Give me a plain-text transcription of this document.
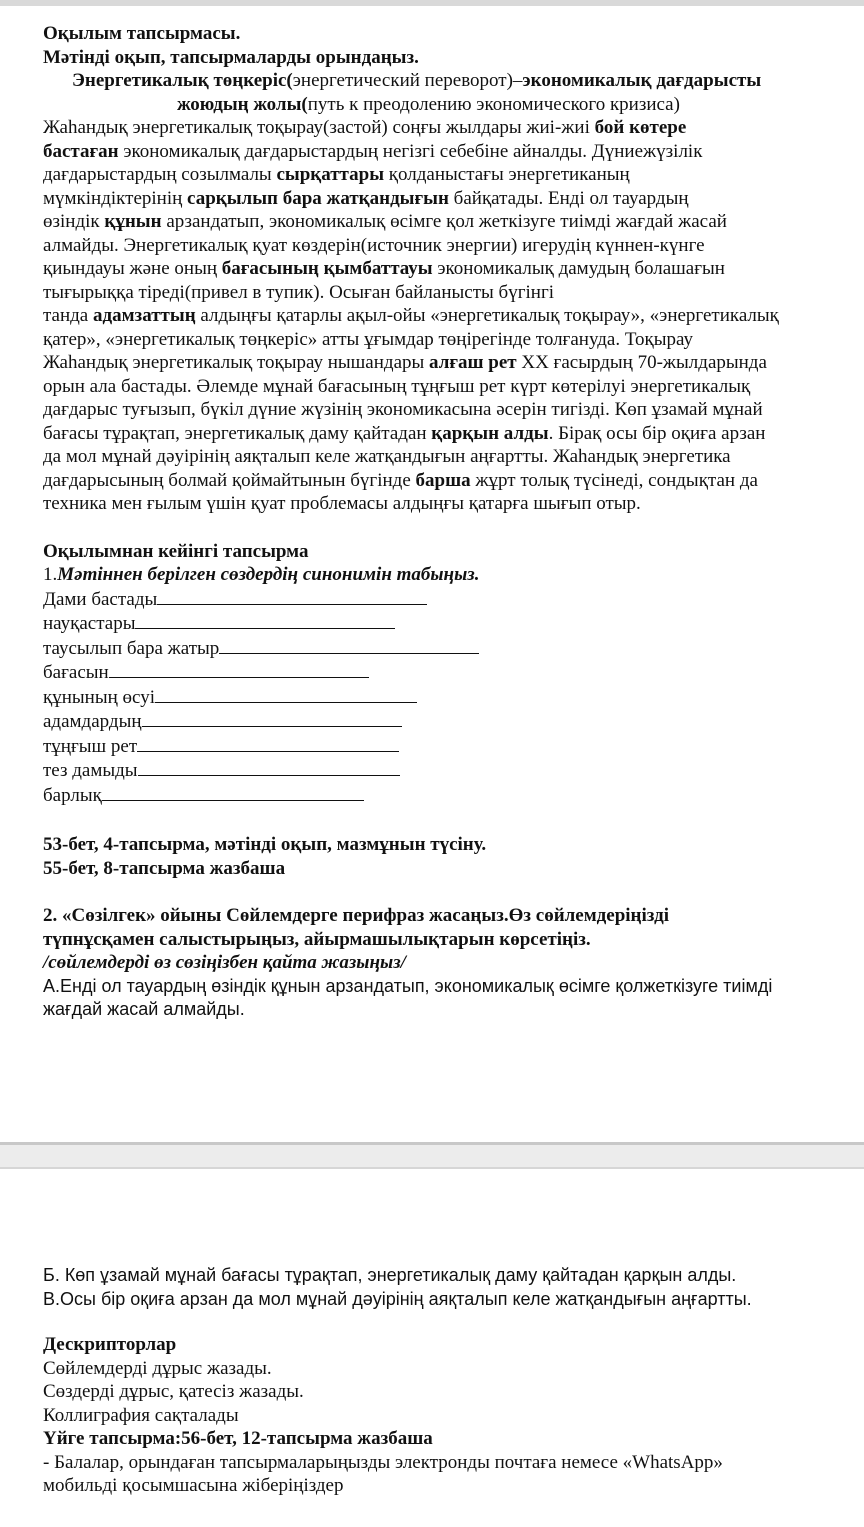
Оқылым тапсырмасы.
Мәтінді оқып, тапсырмаларды орындаңыз.
Энергетикалық төңкеріс(энергетический переворот)–экономикалық дағдарысты
жоюдың жолы(путь к преодолению экономического кризиса)
Жаһандық энергетикалық тоқырау(застой) соңғы жылдары жиі-жиі бой көтере
бастаған экономикалық дағдарыстардың негізгі себебіне айналды. Дүниежүзілік
дағдарыстардың созылмалы сырқаттары қолданыстағы энергетиканың
мүмкіндіктерінің сарқылып бара жатқандығын байқатады. Енді ол тауардың
өзіндік құнын арзандатып, экономикалық өсімге қол жеткізуге тиімді жағдай жасай
алмайды. Энергетикалық қуат көздерін(источник энергии) игерудің күннен-күнге
қиындауы және оның бағасының қымбаттауы экономикалық дамудың болашағын
тығырыққа тіреді(привел в тупик). Осыған байланысты бүгінгі
танда адамзаттың алдыңғы қатарлы ақыл-ойы «энергетикалық тоқырау», «энергетикалық
қатер», «энергетикалық төңкеріс» атты ұғымдар төңірегінде толғануда. Тоқырау
Жаһандық энергетикалық тоқырау нышандары алғаш рет ХХ ғасырдың 70-жылдарында
орын ала бастады. Әлемде мұнай бағасының тұңғыш рет күрт көтерілуі энергетикалық
дағдарыс туғызып, бүкіл дүние жүзінің экономикасына әсерін тигізді. Көп ұзамай мұнай
бағасы тұрақтап, энергетикалық даму қайтадан қарқын алды. Бірақ осы бір оқиға арзан
да мол мұнай дәуірінің аяқталып келе жатқандығын аңғартты. Жаһандық энергетика
дағдарысының болмай қоймайтынын бүгінде барша жұрт толық түсінеді, сондықтан да
техника мен ғылым үшін қуат проблемасы алдыңғы қатарға шығып отыр.
Оқылымнан кейінгі тапсырма
1.Мәтіннен берілген сөздердің синонимін табыңыз.
Дами бастады
науқастары
таусылып бара жатыр
бағасын
құнының өсуі
адамдардың
тұңғыш рет
тез дамыды
барлық
53-бет, 4-тапсырма, мәтінді оқып, мазмұнын түсіну.
55-бет, 8-тапсырма жазбаша
2. «Сөзілгек» ойыны Сөйлемдерге перифраз жасаңыз.Өз сөйлемдеріңізді
түпнұсқамен салыстырыңыз, айырмашылықтарын көрсетіңіз.
/сөйлемдерді өз сөзіңізбен қайта жазыңыз/
А.Енді ол тауардың өзіндік құнын арзандатып, экономикалық өсімге қолжеткізуге тиімді
жағдай жасай алмайды.
Б. Көп ұзамай мұнай бағасы тұрақтап, энергетикалық даму қайтадан қарқын алды.
В.Осы бір оқиға арзан да мол мұнай дәуірінің аяқталып келе жатқандығын аңғартты.
Дескрипторлар
Сөйлемдерді дұрыс жазады.
Сөздерді дұрыс, қатесіз жазады.
Коллиграфия сақталады
Үйге тапсырма:56-бет, 12-тапсырма жазбаша
- Балалар, орындаған тапсырмаларыңызды электронды почтаға немесе «WhatsApp»
мобильді қосымшасына жіберіңіздер
